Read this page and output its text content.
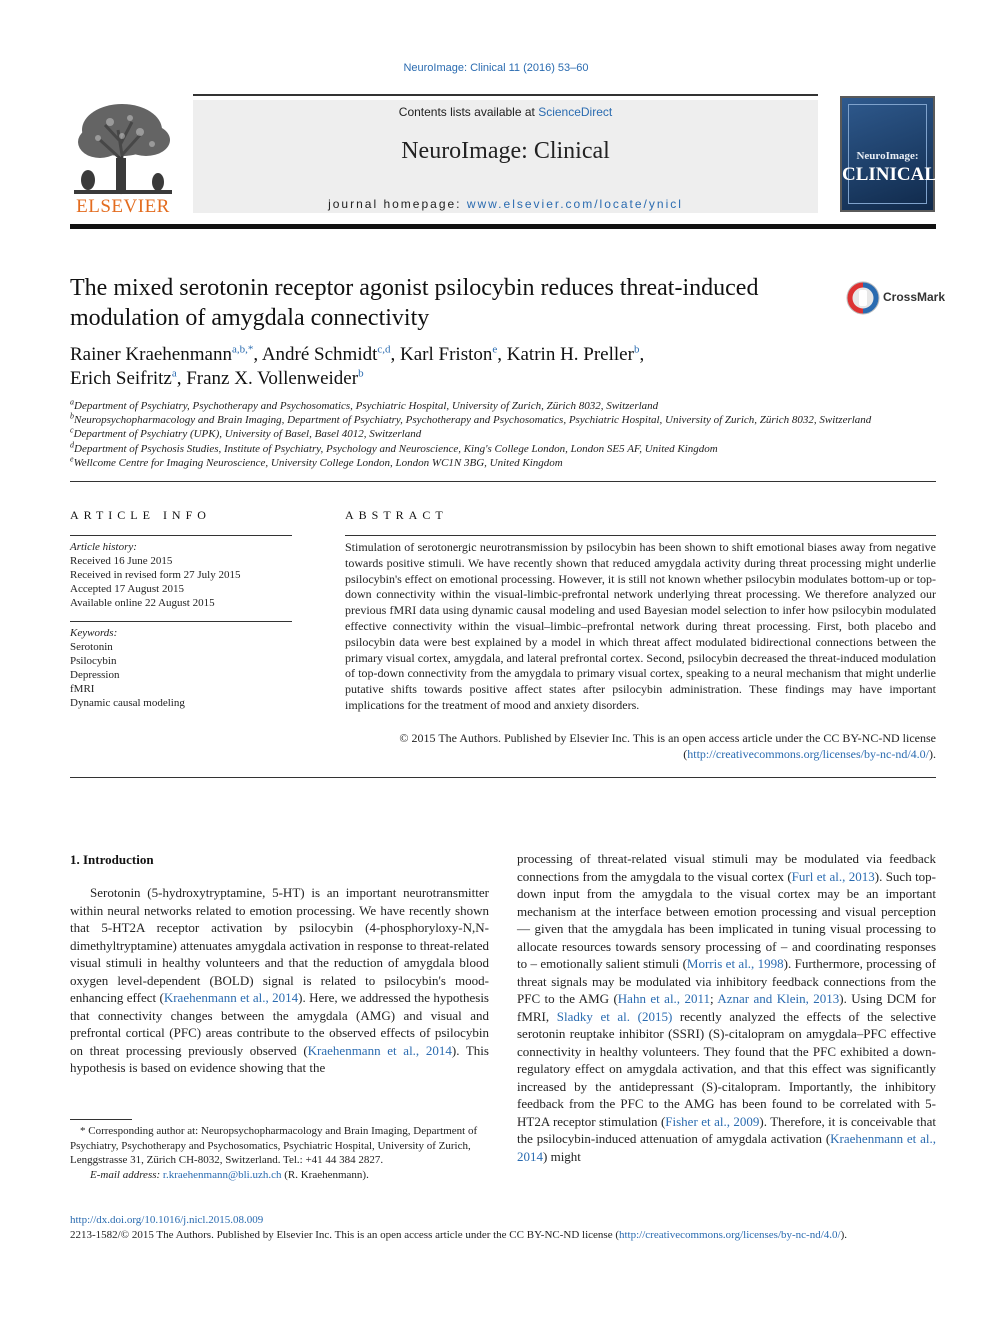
NeuroImage: Clinical 11 (2016) 53–60
ELSEVIER
Contents lists available at ScienceDirect
NeuroImage: Clinical
journal homepage: www.elsevier.com/locate/ynicl
NeuroImage:
CLINICAL
The mixed serotonin receptor agonist psilocybin reduces threat-induced modulation of amygdala connectivity
CrossMark
Rainer Kraehenmann$^{a,b,*}$, André Schmidt$^{c,d}$, Karl Friston$^e$, Katrin H. Preller$^b$,
Erich Seifritz$^a$, Franz X. Vollenweider$^b$
$^a$Department of Psychiatry, Psychotherapy and Psychosomatics, Psychiatric Hospital, University of Zurich, Zürich 8032, Switzerland
$^b$Neuropsychopharmacology and Brain Imaging, Department of Psychiatry, Psychotherapy and Psychosomatics, Psychiatric Hospital, University of Zurich, Zürich 8032, Switzerland
$^c$Department of Psychiatry (UPK), University of Basel, Basel 4012, Switzerland
$^d$Department of Psychosis Studies, Institute of Psychiatry, Psychology and Neuroscience, King's College London, London SE5 AF, United Kingdom
$^e$Wellcome Centre for Imaging Neuroscience, University College London, London WC1N 3BG, United Kingdom
ARTICLE INFO
Article history:
Received 16 June 2015
Received in revised form 27 July 2015
Accepted 17 August 2015
Available online 22 August 2015
Keywords:
Serotonin
Psilocybin
Depression
fMRI
Dynamic causal modeling
ABSTRACT
Stimulation of serotonergic neurotransmission by psilocybin has been shown to shift emotional biases away from negative towards positive stimuli. We have recently shown that reduced amygdala activity during threat processing might underlie psilocybin's effect on emotional processing. However, it is still not known whether psilocybin modulates bottom-up or top-down connectivity within the visual-limbic-prefrontal network underlying threat processing. We therefore analyzed our previous fMRI data using dynamic causal modeling and used Bayesian model selection to infer how psilocybin modulated effective connectivity within the visual–limbic–prefrontal network during threat processing. First, both placebo and psilocybin data were best explained by a model in which threat affect modulated bidirectional connections between the primary visual cortex, amygdala, and lateral prefrontal cortex. Second, psilocybin decreased the threat-induced modulation of top-down connectivity from the amygdala to primary visual cortex, speaking to a neural mechanism that might underlie putative shifts towards positive affect states after psilocybin administration. These findings may have important implications for the treatment of mood and anxiety disorders.
© 2015 The Authors. Published by Elsevier Inc. This is an open access article under the CC BY-NC-ND license
(http://creativecommons.org/licenses/by-nc-nd/4.0/).
1. Introduction
Serotonin (5-hydroxytryptamine, 5-HT) is an important neurotransmitter within neural networks related to emotion processing. We have recently shown that 5-HT2A receptor activation by psilocybin (4-phosphoryloxy-N,N-dimethyltryptamine) attenuates amygdala activation in response to threat-related visual stimuli in healthy volunteers and that the reduction of amygdala blood oxygen level-dependent (BOLD) signal is related to psilocybin's mood-enhancing effect (Kraehenmann et al., 2014). Here, we addressed the hypothesis that connectivity changes between the amygdala (AMG) and visual and prefrontal cortical (PFC) areas contribute to the observed effects of psilocybin on threat processing previously observed (Kraehenmann et al., 2014). This hypothesis is based on evidence showing that the
processing of threat-related visual stimuli may be modulated via feedback connections from the amygdala to the visual cortex (Furl et al., 2013). Such top-down input from the amygdala to the visual cortex may be an important mechanism at the interface between emotion processing and visual perception — given that the amygdala has been implicated in tuning visual processing to allocate resources towards sensory processing of – and coordinating responses to – emotionally salient stimuli (Morris et al., 1998). Furthermore, processing of threat signals may be modulated via inhibitory feedback connections from the PFC to the AMG (Hahn et al., 2011; Aznar and Klein, 2013). Using DCM for fMRI, Sladky et al. (2015) recently analyzed the effects of the selective serotonin reuptake inhibitor (SSRI) (S)-citalopram on amygdala–PFC effective connectivity in healthy volunteers. They found that the PFC exhibited a down-regulatory effect on amygdala activation, and that this effect was significantly increased by the antidepressant (S)-citalopram. Importantly, the inhibitory feedback from the PFC to the AMG has been found to be correlated with 5-HT2A receptor stimulation (Fisher et al., 2009). Therefore, it is conceivable that the psilocybin-induced attenuation of amygdala activation (Kraehenmann et al., 2014) might
* Corresponding author at: Neuropsychopharmacology and Brain Imaging, Department of Psychiatry, Psychotherapy and Psychosomatics, Psychiatric Hospital, University of Zurich, Lenggstrasse 31, Zürich CH-8032, Switzerland. Tel.: +41 44 384 2827.
E-mail address: r.kraehenmann@bli.uzh.ch (R. Kraehenmann).
http://dx.doi.org/10.1016/j.nicl.2015.08.009
2213-1582/© 2015 The Authors. Published by Elsevier Inc. This is an open access article under the CC BY-NC-ND license (http://creativecommons.org/licenses/by-nc-nd/4.0/).
